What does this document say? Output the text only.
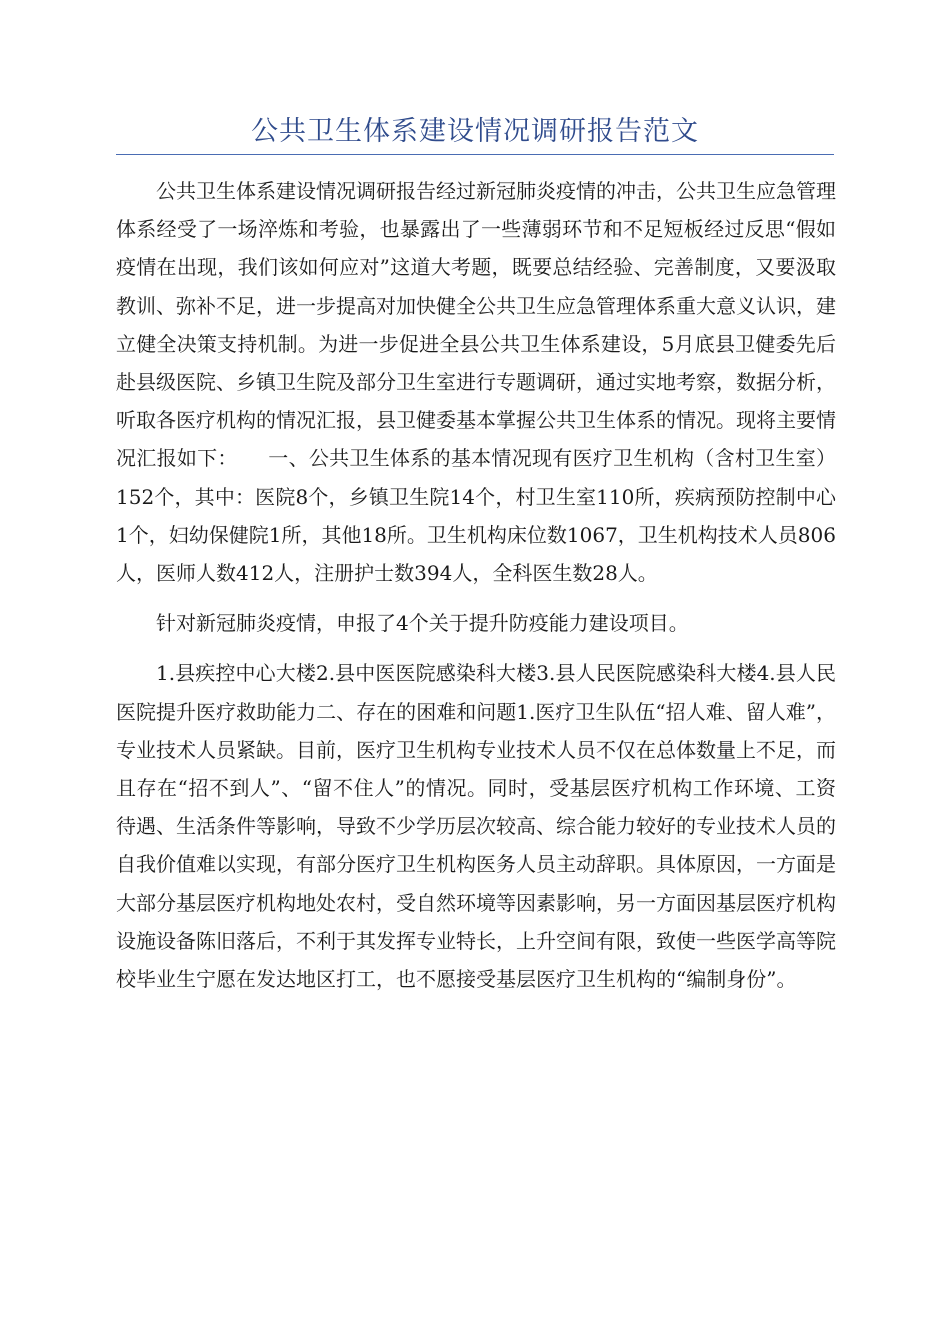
公共卫生体系建设情况调研报告范文

公共卫生体系建设情况调研报告经过新冠肺炎疫情的冲击，公共卫生应急管理体系经受了一场淬炼和考验，也暴露出了一些薄弱环节和不足短板经过反思“假如疫情在出现，我们该如何应对”这道大考题，既要总结经验、完善制度，又要汲取教训、弥补不足，进一步提高对加快健全公共卫生应急管理体系重大意义认识，建立健全决策支持机制。为进一步促进全县公共卫生体系建设，5月底县卫健委先后赴县级医院、乡镇卫生院及部分卫生室进行专题调研，通过实地考察，数据分析，听取各医疗机构的情况汇报，县卫健委基本掌握公共卫生体系的情况。现将主要情况汇报如下：　　一、公共卫生体系的基本情况现有医疗卫生机构（含村卫生室）152个，其中：医院8个，乡镇卫生院14个，村卫生室110所，疾病预防控制中心1个，妇幼保健院1所，其他18所。卫生机构床位数1067，卫生机构技术人员806人，医师人数412人，注册护士数394人，全科医生数28人。

针对新冠肺炎疫情，申报了4个关于提升防疫能力建设项目。

1.县疾控中心大楼2.县中医医院感染科大楼3.县人民医院感染科大楼4.县人民医院提升医疗救助能力二、存在的困难和问题1.医疗卫生队伍“招人难、留人难”，专业技术人员紧缺。目前，医疗卫生机构专业技术人员不仅在总体数量上不足，而且存在“招不到人”、“留不住人”的情况。同时，受基层医疗机构工作环境、工资待遇、生活条件等影响，导致不少学历层次较高、综合能力较好的专业技术人员的自我价值难以实现，有部分医疗卫生机构医务人员主动辞职。具体原因，一方面是大部分基层医疗机构地处农村，受自然环境等因素影响，另一方面因基层医疗机构设施设备陈旧落后，不利于其发挥专业特长，上升空间有限，致使一些医学高等院校毕业生宁愿在发达地区打工，也不愿接受基层医疗卫生机构的“编制身份”。
